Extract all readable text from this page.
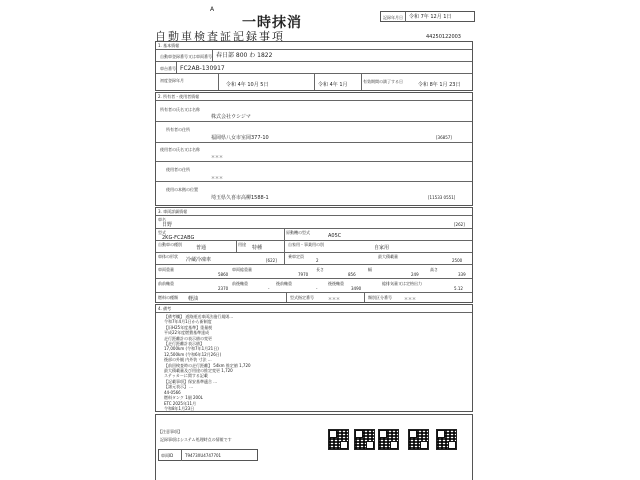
A
一時抹消	記録年月日 令和 7年 12月 1日
自動車検査証記録事項	44250122003
1. 基本情報
自動車登録番号又は車両番号 春日部 800 わ 1822
車台番号 FC2AB-130917
初度登録年月
令和 4年 10月 5日	令和 4年 1月
有効期間の満了する日
令和 8年 1月 23日
2. 所有者・使用者情報
所有者の氏名又は名称
株式会社ウシジマ
所有者の住所
福岡県八女市室岡377-10	[36857]
使用者の氏名又は名称
＊＊＊
使用者の住所
＊＊＊
使用の本拠の位置
埼玉県久喜市高柳1588-1	[11533 0551]
3. 車両詳細情報
車名
日野	[262]
型式
2KG-FC2ABG
原動機の型式
A05C
自動車の種別
普通
用途
特種
自家用・事業用の別
自家用
車体の形状
冷蔵冷凍車	[622]
乗車定員
2
最大積載量
2500
車両重量
5860
車両総重量
7970
長さ
856
幅
249
高さ
339
前前軸重
2370
前後軸重
-
後前軸重
-
後後軸重
3490
総排気量又は定格出力
5.12
燃料の種類 軽油	型式指定番号	＊＊＊	類別区分番号	＊＊＊
4. 備考
【備考欄】 道路運送車両法施行規則...
令和7年4月1日から新制度
【旧H25年度基準】重量税
平成22年度燃費基準達成
走行距離計の表示値の変更
【走行距離計表示値】
17,000km (令和7年1月21日)
12,500km (令和6年12月26日)
後部の外観 内外装 寸法 ...
【前回検査時の走行距離】 54km 推定値 1,720
最大積載量及び用途の推定変更 1,720
ステッカーに関する記載
【記載事項】保安基準適合 ...
【諸元表示】 ...
44-0566
燃料タンク 1個 200L
ETC 2025年11月
令和8年1月23日
【注意事項】
記録事項はシステム処理時点の情報です
車両ID	T9473XU4747701
